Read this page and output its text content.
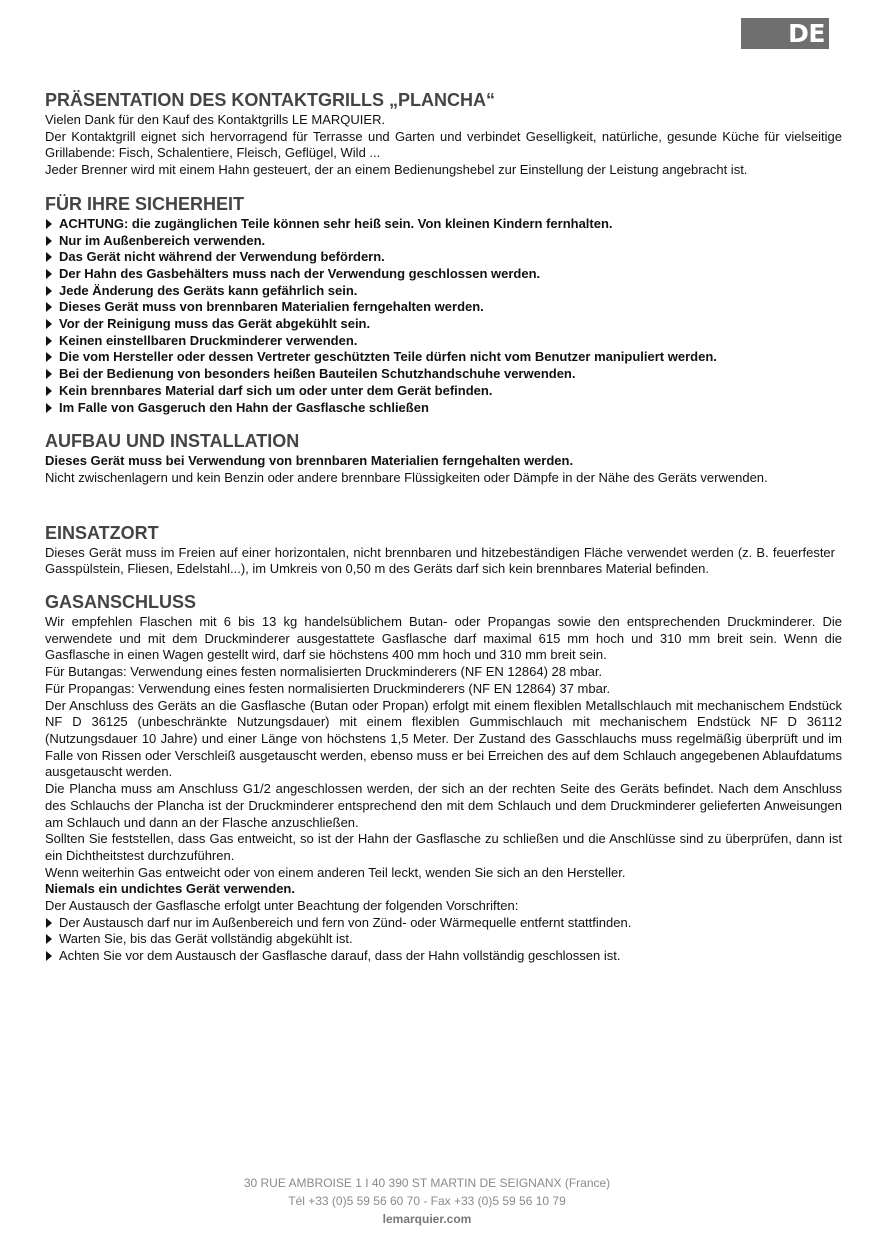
DE
PRÄSENTATION DES KONTAKTGRILLS „PLANCHA“

Vielen Dank für den Kauf des Kontaktgrills LE MARQUIER.

Der Kontaktgrill eignet sich hervorragend für Terrasse und Garten und verbindet Geselligkeit, natürliche, gesunde Küche für vielseitige Grillabende: Fisch, Schalentiere, Fleisch, Geflügel, Wild ...

Jeder Brenner wird mit einem Hahn gesteuert, der an einem Bedienungshebel zur Einstellung der Leistung angebracht ist.

FÜR IHRE SICHERHEIT
ACHTUNG: die zugänglichen Teile können sehr heiß sein. Von kleinen Kindern fernhalten.
Nur im Außenbereich verwenden.
Das Gerät nicht während der Verwendung befördern.
Der Hahn des Gasbehälters muss nach der Verwendung geschlossen werden.
Jede Änderung des Geräts kann gefährlich sein.
Dieses Gerät muss von brennbaren Materialien ferngehalten werden.
Vor der Reinigung muss das Gerät abgekühlt sein.
Keinen einstellbaren Druckminderer verwenden.
Die vom Hersteller oder dessen Vertreter geschützten Teile dürfen nicht vom Benutzer manipuliert werden.
Bei der Bedienung von besonders heißen Bauteilen Schutzhandschuhe verwenden.
Kein brennbares Material darf sich um oder unter dem Gerät befinden.
Im Falle von Gasgeruch den Hahn der Gasflasche schließen
AUFBAU UND INSTALLATION

Dieses Gerät muss bei Verwendung von brennbaren Materialien ferngehalten werden.

Nicht zwischenlagern und kein Benzin oder andere brennbare Flüssigkeiten oder Dämpfe in der Nähe des Geräts verwenden.

EINSATZORT

Dieses Gerät muss im Freien auf einer horizontalen, nicht brennbaren und hitzebeständigen Fläche verwendet werden (z. B. feuerfester Gasspülstein, Fliesen, Edelstahl...), im Umkreis von 0,50 m des Geräts darf sich kein brennbares Material befinden.

GASANSCHLUSS

Wir empfehlen Flaschen mit 6 bis 13 kg handelsüblichem Butan- oder Propangas sowie den entsprechenden Druckminderer. Die verwendete und mit dem Druckminderer ausgestattete Gasflasche darf maximal 615 mm hoch und 310 mm breit sein. Wenn die Gasflasche in einen Wagen gestellt wird, darf sie höchstens 400 mm hoch und 310 mm breit sein.

Für Butangas: Verwendung eines festen normalisierten Druckminderers (NF EN 12864) 28 mbar.

Für Propangas: Verwendung eines festen normalisierten Druckminderers (NF EN 12864) 37 mbar.

Der Anschluss des Geräts an die Gasflasche (Butan oder Propan) erfolgt mit einem flexiblen Metallschlauch mit mechanischem Endstück NF D 36125 (unbeschränkte Nutzungsdauer) mit einem flexiblen Gummischlauch mit mechanischem Endstück NF D 36112 (Nutzungsdauer 10 Jahre) und einer Länge von höchstens 1,5 Meter. Der Zustand des Gasschlauchs muss regelmäßig überprüft und im Falle von Rissen oder Verschleiß ausgetauscht werden, ebenso muss er bei Erreichen des auf dem Schlauch angegebenen Ablaufdatums ausgetauscht werden.

Die Plancha muss am Anschluss G1/2 angeschlossen werden, der sich an der rechten Seite des Geräts befindet. Nach dem Anschluss des Schlauchs der Plancha ist der Druckminderer entsprechend den mit dem Schlauch und dem Druckminderer gelieferten Anweisungen am Schlauch und dann an der Flasche anzuschließen.

Sollten Sie feststellen, dass Gas entweicht, so ist der Hahn der Gasflasche zu schließen und die Anschlüsse sind zu überprüfen, dann ist ein Dichtheitstest durchzuführen.

Wenn weiterhin Gas entweicht oder von einem anderen Teil leckt, wenden Sie sich an den Hersteller.

Niemals ein undichtes Gerät verwenden.

Der Austausch der Gasflasche erfolgt unter Beachtung der folgenden Vorschriften:

Der Austausch darf nur im Außenbereich und fern von Zünd- oder Wärmequelle entfernt stattfinden.
Warten Sie, bis das Gerät vollständig abgekühlt ist.
Achten Sie vor dem Austausch der Gasflasche darauf, dass der Hahn vollständig geschlossen ist.
30 RUE AMBROISE 1 I 40 390 ST MARTIN DE SEIGNANX (France)
Tél +33 (0)5 59 56 60 70 - Fax +33 (0)5 59 56 10 79
lemarquier.com
